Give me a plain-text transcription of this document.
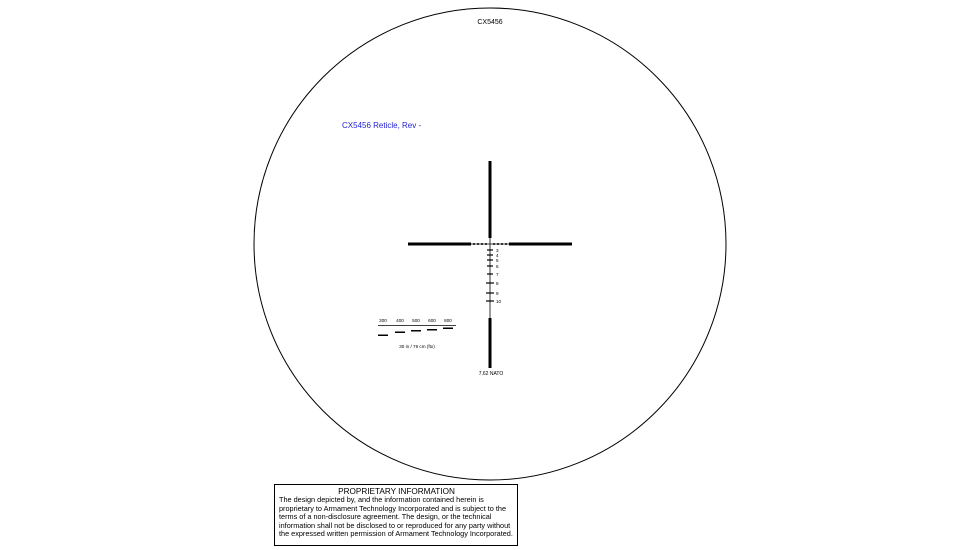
CX5456
CX5456 Reticle, Rev -
3
4
5
6
7
8
9
10
7.62 NATO
300 400 500 600 800
30 in / 76 cm (ftx)
PROPRIETARY INFORMATION
The design depicted by, and the information contained herein is proprietary to Armament Technology Incorporated and is subject to the terms of a non-disclosure agreement. The design, or the technical information shall not be disclosed to or reproduced for any party without the expressed written permission of Armament Technology Incorporated.
